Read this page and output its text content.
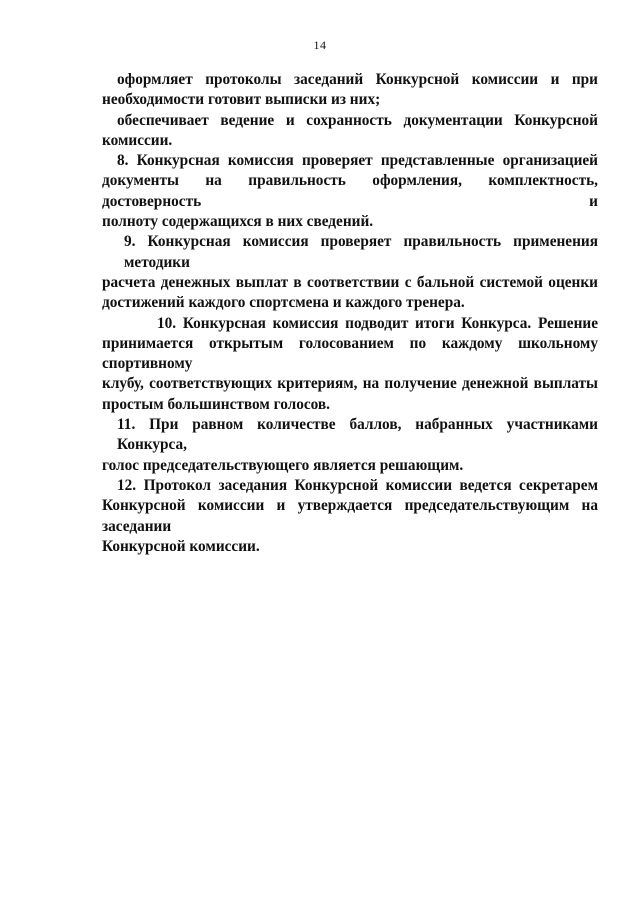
14
оформляет протоколы заседаний Конкурсной комиссии и при
необходимости готовит выписки из них;
обеспечивает ведение и сохранность документации Конкурсной
комиссии.
8. Конкурсная комиссия проверяет представленные организацией
документы на правильность оформления, комплектность, достоверность и
полноту содержащихся в них сведений.
9. Конкурсная комиссия проверяет правильность применения методики
расчета денежных выплат в соответствии с бальной системой оценки
достижений каждого спортсмена и каждого тренера.
10. Конкурсная комиссия подводит итоги Конкурса. Решение
принимается открытым голосованием по каждому школьному спортивному
клубу, соответствующих критериям, на получение денежной выплаты
простым большинством голосов.
11. При равном количестве баллов, набранных участниками Конкурса,
голос председательствующего является решающим.
12. Протокол заседания Конкурсной комиссии ведется секретарем
Конкурсной комиссии и утверждается председательствующим на заседании
Конкурсной комиссии.
